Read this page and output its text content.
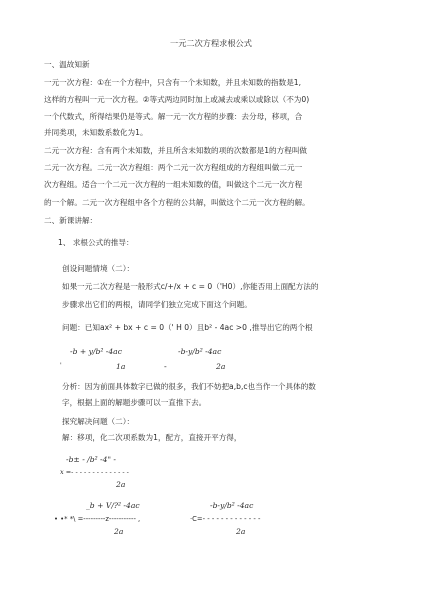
一元二次方程求根公式
一、温故知新
一元一次方程：①在一个方程中，只含有一个未知数，并且未知数的指数是1,
这样的方程叫一元一次方程。②等式两边同时加上或减去或乘以或除以（不为0)
一个代数式，所得结果仍是等式。解一元一次方程的步骤：去分母，移项，合
并同类项，未知数系数化为1。
二元一次方程：含有两个未知数，并且所含未知数的项的次数都是1的方程叫做
二元一次方程。二元一次方程组：两个二元一次方程组成的方程组叫做二元一
次方程组。适合一个二元一次方程的一组未知数的值，叫做这个二元一次方程
的一个解。二元一次方程组中各个方程的公共解，叫做这个二元一次方程的解。
二、新课讲解：
1、 求根公式的推导：
创设问题情境（二）：
如果一元二次方程是一般形式c/+/x + c = 0（'H0）,你能否用上面配方法的
步骤求出它们的两根，请同学们独立完成下面这个问题。
问题：已知ax² + bx + c = 0（' H 0）且b² - 4ac >0 ,推导出它的两个根
-b + y/b² -4ac
'	1a	-
-b-y/b² -4ac
2a
分析：因为前面具体数字已做的很多，我们不妨把a,b,c也当作一个具体的数
字，根据上面的解题步骤可以一直推下去。
探究解决问题（二）：
解：移项，化二次项系数为1，配方，直接开平方得，
-b± - /b² -4" -
x =- - - - - - - - - - - - - -
2a
_b + V/?² -4ac
• •* *\ =---------z----------- ,
2a
-b-y/b² -4ac
·C=- - - - - - - - - - - - -
2a
